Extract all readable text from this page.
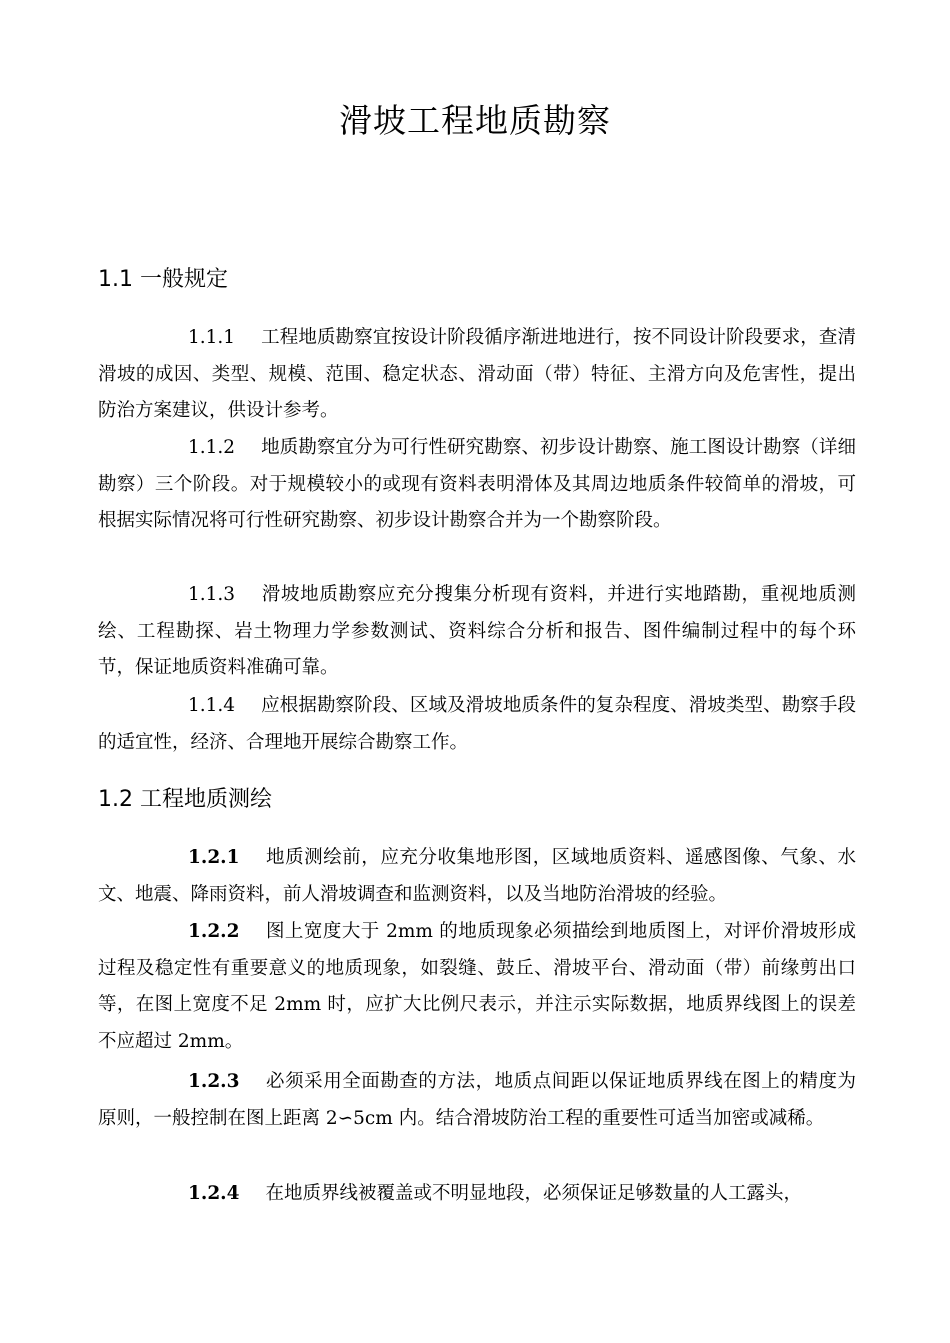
滑坡工程地质勘察
1.1 一般规定

1.1.1 工程地质勘察宜按设计阶段循序渐进地进行，按不同设计阶段要求，查清滑坡的成因、类型、规模、范围、稳定状态、滑动面（带）特征、主滑方向及危害性，提出防治方案建议，供设计参考。

1.1.2 地质勘察宜分为可行性研究勘察、初步设计勘察、施工图设计勘察（详细勘察）三个阶段。对于规模较小的或现有资料表明滑体及其周边地质条件较简单的滑坡，可根据实际情况将可行性研究勘察、初步设计勘察合并为一个勘察阶段。

1.1.3 滑坡地质勘察应充分搜集分析现有资料，并进行实地踏勘，重视地质测绘、工程勘探、岩土物理力学参数测试、资料综合分析和报告、图件编制过程中的每个环节，保证地质资料准确可靠。

1.1.4 应根据勘察阶段、区域及滑坡地质条件的复杂程度、滑坡类型、勘察手段的适宜性，经济、合理地开展综合勘察工作。

1.2 工程地质测绘

1.2.1 地质测绘前，应充分收集地形图，区域地质资料、遥感图像、气象、水文、地震、降雨资料，前人滑坡调查和监测资料，以及当地防治滑坡的经验。

1.2.2 图上宽度大于 2mm 的地质现象必须描绘到地质图上，对评价滑坡形成过程及稳定性有重要意义的地质现象，如裂缝、鼓丘、滑坡平台、滑动面（带）前缘剪出口等，在图上宽度不足 2mm 时，应扩大比例尺表示，并注示实际数据，地质界线图上的误差不应超过 2mm。

1.2.3 必须采用全面勘查的方法，地质点间距以保证地质界线在图上的精度为原则，一般控制在图上距离 2∽5cm 内。结合滑坡防治工程的重要性可适当加密或减稀。

1.2.4 在地质界线被覆盖或不明显地段，必须保证足够数量的人工露头，
